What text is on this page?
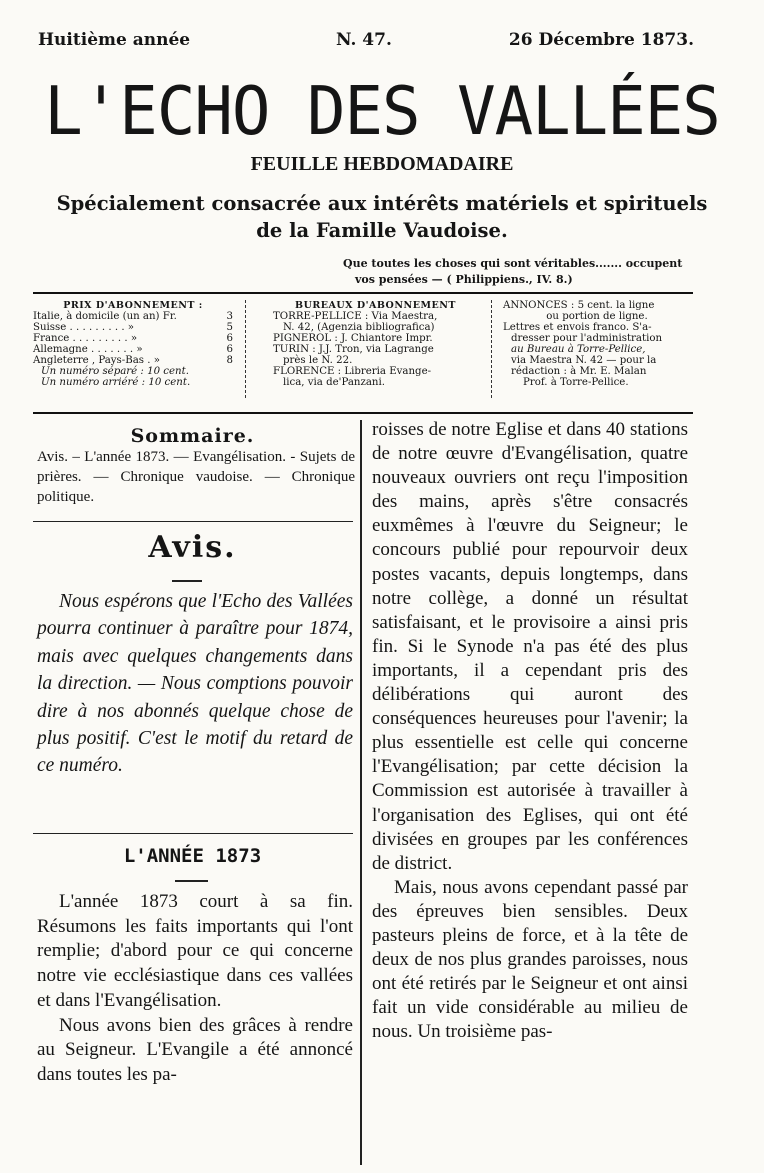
Huitième année	N. 47.	26 Décembre 1873.
L'ECHO DES VALLÉES
FEUILLE HEBDOMADAIRE
Spécialement consacrée aux intérêts matériels et spirituels
de la Famille Vaudoise.
Que toutes les choses qui sont véritables....... occupent
vos pensées — ( Philippiens., IV. 8.)
PRIX D'ABONNEMENT :
Italie, à domicile (un an) Fr.	3
Suisse . . . . . . . . . »	5
France . . . . . . . . . »	6
Allemagne . . . . . . . »	6
Angleterre , Pays-Bas . »	8
Un numéro séparé : 10 cent.
Un numéro arriéré : 10 cent.
BUREAUX D'ABONNEMENT
TORRE-PELLICE : Via Maestra,
N. 42, (Agenzia bibliografica)
PIGNEROL : J. Chiantore Impr.
TURIN : J.J. Tron, via Lagrange
près le N. 22.
FLORENCE : Libreria Evange-
lica, via de'Panzani.
ANNONCES : 5 cent. la ligne
ou portion de ligne.
Lettres et envois franco. S'a-
dresser pour l'administration
au Bureau à Torre-Pellice,
via Maestra N. 42 — pour la
rédaction : à Mr. E. Malan
Prof. à Torre-Pellice.
Sommaire.
Avis. – L'année 1873. — Evangélisation. - Sujets de prières. — Chronique vaudoise. — Chronique politique.
Avis.
Nous espérons que l'Echo des Vallées pourra continuer à paraître pour 1874, mais avec quelques changements dans la direction. — Nous comptions pouvoir dire à nos abonnés quelque chose de plus positif. C'est le motif du retard de ce numéro.
L'ANNÉE 1873

L'année 1873 court à sa fin. Résumons les faits importants qui l'ont remplie; d'abord pour ce qui concerne notre vie ecclésiastique dans ces vallées et dans l'Evangélisation.

Nous avons bien des grâces à rendre au Seigneur. L'Evangile a été annoncé dans toutes les pa-

roisses de notre Eglise et dans 40 stations de notre œuvre d'Evangélisation, quatre nouveaux ouvriers ont reçu l'imposition des mains, après s'être consacrés euxmêmes à l'œuvre du Seigneur; le concours publié pour repourvoir deux postes vacants, depuis longtemps, dans notre collège, a donné un résultat satisfaisant, et le provisoire a ainsi pris fin. Si le Synode n'a pas été des plus importants, il a cependant pris des délibérations qui auront des conséquences heureuses pour l'avenir; la plus essentielle est celle qui concerne l'Evangélisation; par cette décision la Commission est autorisée à travailler à l'organisation des Eglises, qui ont été divisées en groupes par les conférences de district.

Mais, nous avons cependant passé par des épreuves bien sensibles. Deux pasteurs pleins de force, et à la tête de deux de nos plus grandes paroisses, nous ont été retirés par le Seigneur et ont ainsi fait un vide considérable au milieu de nous. Un troisième pas-
